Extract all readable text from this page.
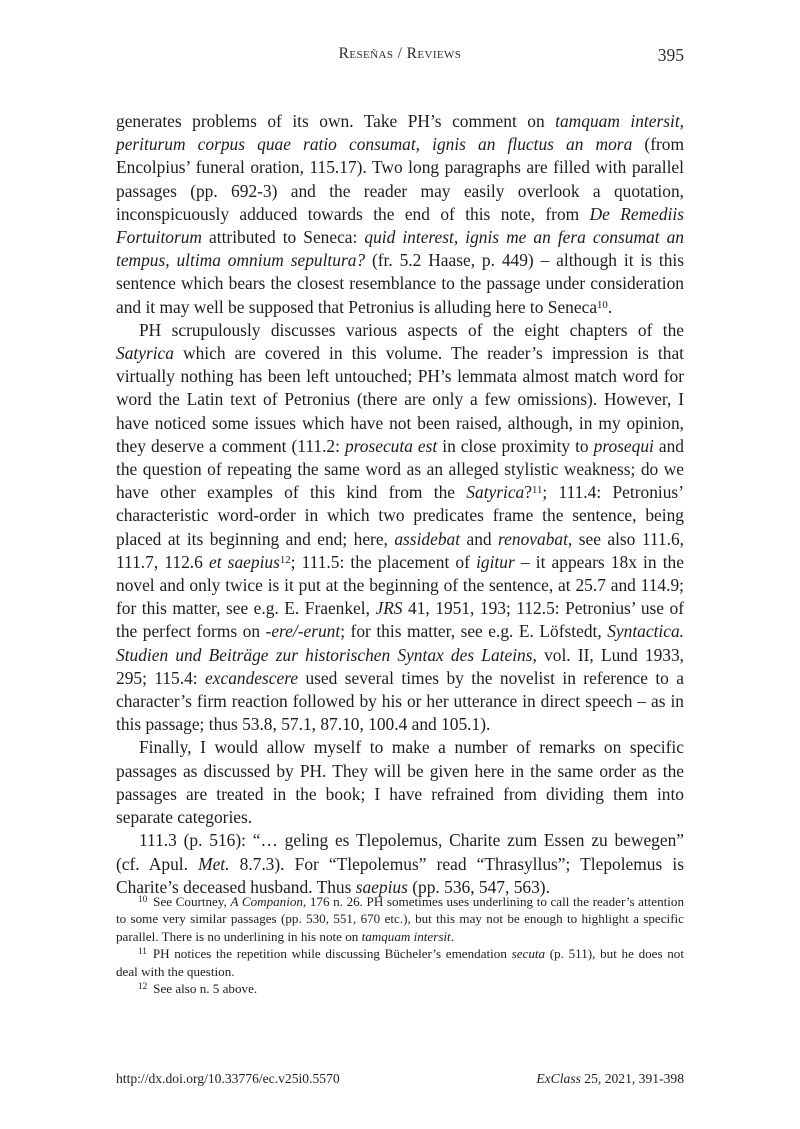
Reseñas / Reviews	395

generates problems of its own. Take PH’s comment on tamquam intersit, periturum corpus quae ratio consumat, ignis an fluctus an mora (from Encolpius’ funeral oration, 115.17). Two long paragraphs are filled with parallel passages (pp. 692-3) and the reader may easily overlook a quotation, inconspicuously adduced towards the end of this note, from De Remediis Fortuitorum attributed to Seneca: quid interest, ignis me an fera consumat an tempus, ultima omnium sepultura? (fr. 5.2 Haase, p. 449) – although it is this sentence which bears the closest resemblance to the passage under consideration and it may well be supposed that Petronius is alluding here to Seneca$^{10}$.

PH scrupulously discusses various aspects of the eight chapters of the Satyrica which are covered in this volume. The reader’s impression is that virtually nothing has been left untouched; PH’s lemmata almost match word for word the Latin text of Petronius (there are only a few omissions). However, I have noticed some issues which have not been raised, although, in my opinion, they deserve a comment (111.2: prosecuta est in close proximity to prosequi and the question of repeating the same word as an alleged stylistic weakness; do we have other examples of this kind from the Satyrica?$^{11}$; 111.4: Petronius’ characteristic word-order in which two predicates frame the sentence, being placed at its beginning and end; here, assidebat and renovabat, see also 111.6, 111.7, 112.6 et saepius$^{12}$; 111.5: the placement of igitur – it appears 18x in the novel and only twice is it put at the beginning of the sentence, at 25.7 and 114.9; for this matter, see e.g. E. Fraenkel, JRS 41, 1951, 193; 112.5: Petronius’ use of the perfect forms on -ere/-erunt; for this matter, see e.g. E. Löfstedt, Syntactica. Studien und Beiträge zur historischen Syntax des Lateins, vol. II, Lund 1933, 295; 115.4: excandescere used several times by the novelist in reference to a character’s firm reaction followed by his or her utterance in direct speech – as in this passage; thus 53.8, 57.1, 87.10, 100.4 and 105.1).

Finally, I would allow myself to make a number of remarks on specific passages as discussed by PH. They will be given here in the same order as the passages are treated in the book; I have refrained from dividing them into separate categories.

111.3 (p. 516): “… geling es Tlepolemus, Charite zum Essen zu bewegen” (cf. Apul. Met. 8.7.3). For “Tlepolemus” read “Thrasyllus”; Tlepolemus is Charite’s deceased husband. Thus saepius (pp. 536, 547, 563).

$^{10}$ See Courtney, A Companion, 176 n. 26. PH sometimes uses underlining to call the reader’s attention to some very similar passages (pp. 530, 551, 670 etc.), but this may not be enough to highlight a specific parallel. There is no underlining in his note on tamquam intersit.

$^{11}$ PH notices the repetition while discussing Bücheler’s emendation secuta (p. 511), but he does not deal with the question.

$^{12}$ See also n. 5 above.

http://dx.doi.org/10.33776/ec.v25i0.5570	ExClass 25, 2021, 391-398
